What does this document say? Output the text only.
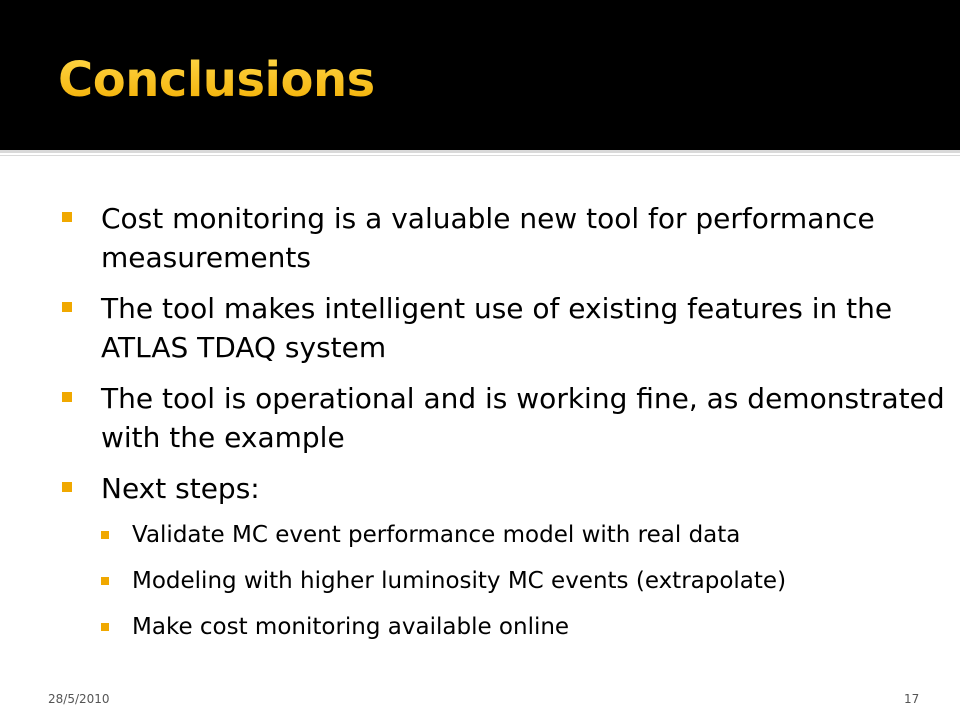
Conclusions
Cost monitoring is a valuable new tool for performance measurements
The tool makes intelligent use of existing features in the ATLAS TDAQ system
The tool is operational and is working fine, as demonstrated with the example
Next steps:
Validate MC event performance model with real data
Modeling with higher luminosity MC events (extrapolate)
Make cost monitoring available online
28/5/2010	17
